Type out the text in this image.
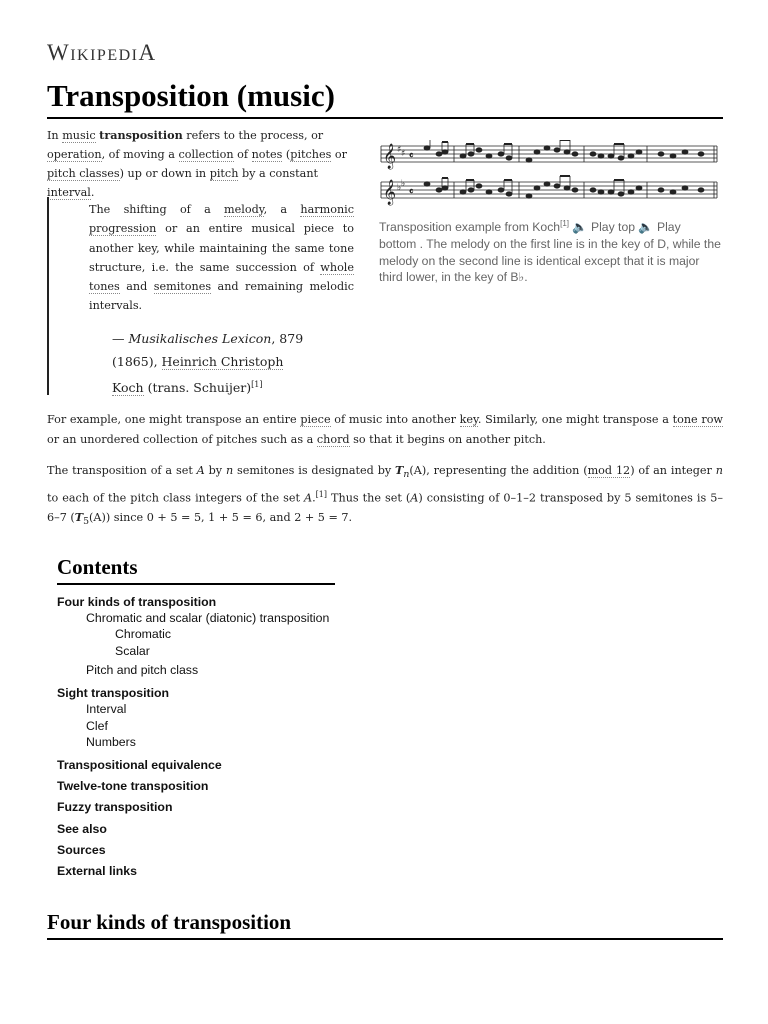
WIKIPEDIA
Transposition (music)
In music transposition refers to the process, or operation, of moving a collection of notes (pitches or pitch classes) up or down in pitch by a constant interval.
The shifting of a melody, a harmonic progression or an entire musical piece to another key, while maintaining the same tone structure, i.e. the same succession of whole tones and semitones and remaining melodic intervals.
— Musikalisches Lexicon, 879 (1865), Heinrich Christoph Koch (trans. Schuijer)[1]
𝄞
𝄞
♯ ♯
♭ ♭
𝄴
𝄴
Transposition example from Koch[1] 🔈 Play top 🔈 Play bottom . The melody on the first line is in the key of D, while the melody on the second line is identical except that it is major third lower, in the key of B♭.
For example, one might transpose an entire piece of music into another key. Similarly, one might transpose a tone row or an unordered collection of pitches such as a chord so that it begins on another pitch.
The transposition of a set A by n semitones is designated by $T_n(A)$, representing the addition (mod 12) of an integer n to each of the pitch class integers of the set A.[1] Thus the set (A) consisting of 0–1–2 transposed by 5 semitones is 5–6–7 $(T_5(A))$ since 0 + 5 = 5, 1 + 5 = 6, and 2 + 5 = 7.
Contents
Four kinds of transposition
Chromatic and scalar (diatonic) transposition
Chromatic
Scalar
Pitch and pitch class
Sight transposition
Interval
Clef
Numbers
Transpositional equivalence
Twelve-tone transposition
Fuzzy transposition
See also
Sources
External links
Four kinds of transposition
